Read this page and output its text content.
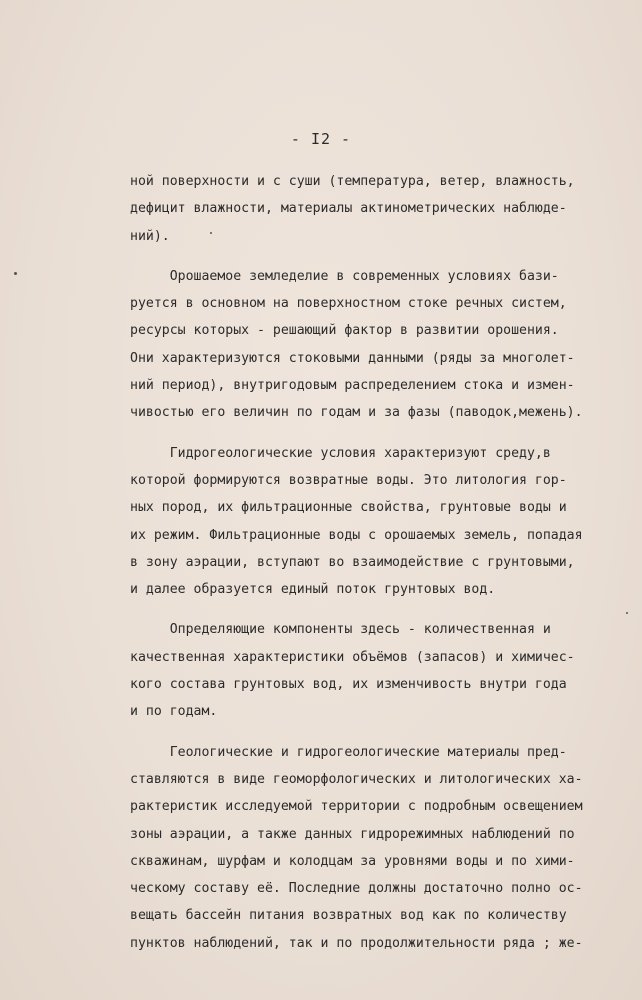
- I2 -
ной поверхности и с суши (температура, ветер, влажность,
дефицит влажности, материалы актинометрических наблюде-
ний).
Орошаемое земледелие в современных условиях бази-
руется в основном на поверхностном стоке речных систем,
ресурсы которых - решающий фактор в развитии орошения.
Они характеризуются стоковыми данными (ряды за многолет-
ний период), внутригодовым распределением стока и измен-
чивостью его величин по годам и за фазы (паводок,межень).
Гидрогеологические условия характеризуют среду,в
которой формируются возвратные воды. Это литология гор-
ных пород, их фильтрационные свойства, грунтовые воды и
их режим. Фильтрационные воды с орошаемых земель, попадая
в зону аэрации, вступают во взаимодействие с грунтовыми,
и далее образуется единый поток грунтовых вод.
Определяющие компоненты здесь - количественная и
качественная характеристики объёмов (запасов) и химичес-
кого состава грунтовых вод, их изменчивость внутри года
и по годам.
Геологические и гидрогеологические материалы пред-
ставляются в виде геоморфологических и литологических ха-
рактеристик исследуемой территории с подробным освещением
зоны аэрации, а также данных гидрорежимных наблюдений по
скважинам, шурфам и колодцам за уровнями воды и по хими-
ческому составу её. Последние должны достаточно полно ос-
вещать бассейн питания возвратных вод как по количеству
пунктов наблюдений, так и по продолжительности ряда ; же-
